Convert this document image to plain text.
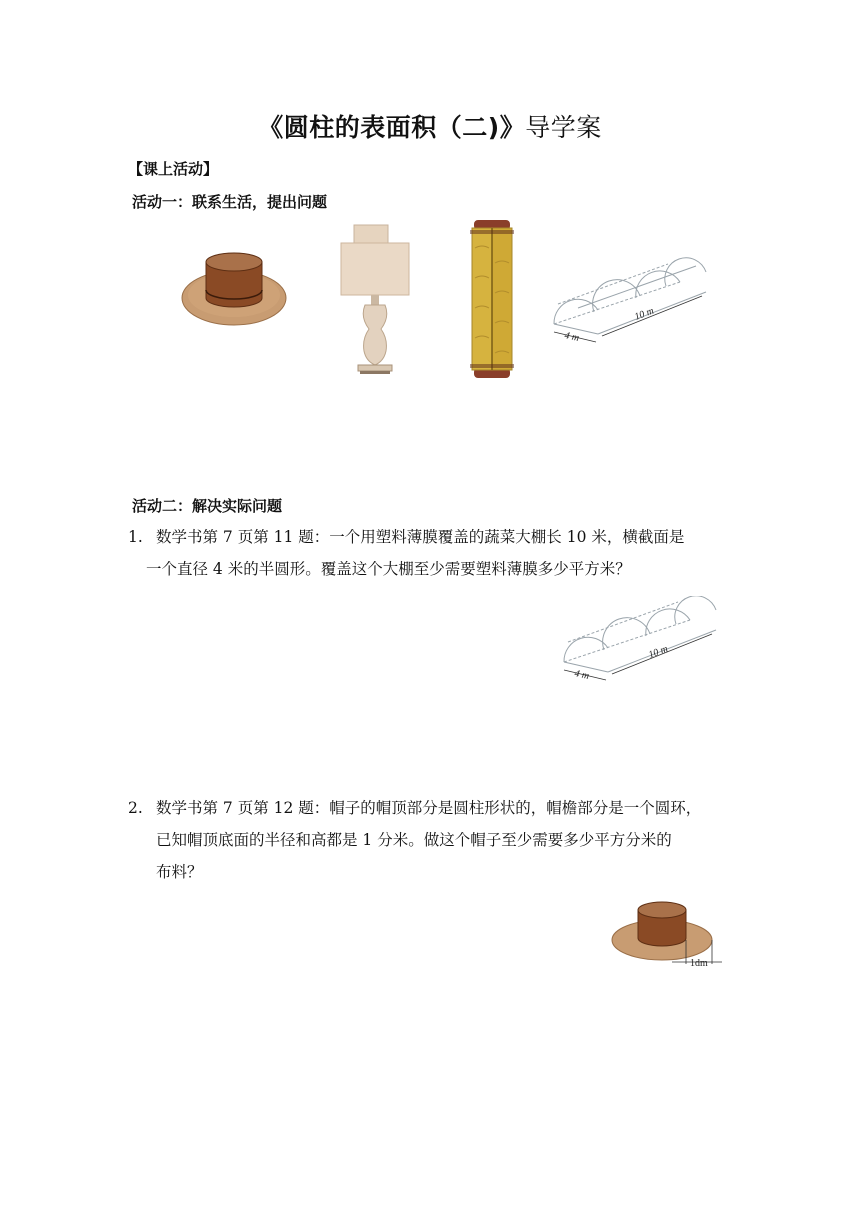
《圆柱的表面积（二)》导学案
【课上活动】
活动一：联系生活，提出问题
10 m
4 m
活动二：解决实际问题
1. 数学书第 7 页第 11 题：一个用塑料薄膜覆盖的蔬菜大棚长 10 米，横截面是
一个直径 4 米的半圆形。覆盖这个大棚至少需要塑料薄膜多少平方米？
10 m
4 m
2. 数学书第 7 页第 12 题：帽子的帽顶部分是圆柱形状的，帽檐部分是一个圆环，
已知帽顶底面的半径和高都是 1 分米。做这个帽子至少需要多少平方分米的
布料？
1dm
